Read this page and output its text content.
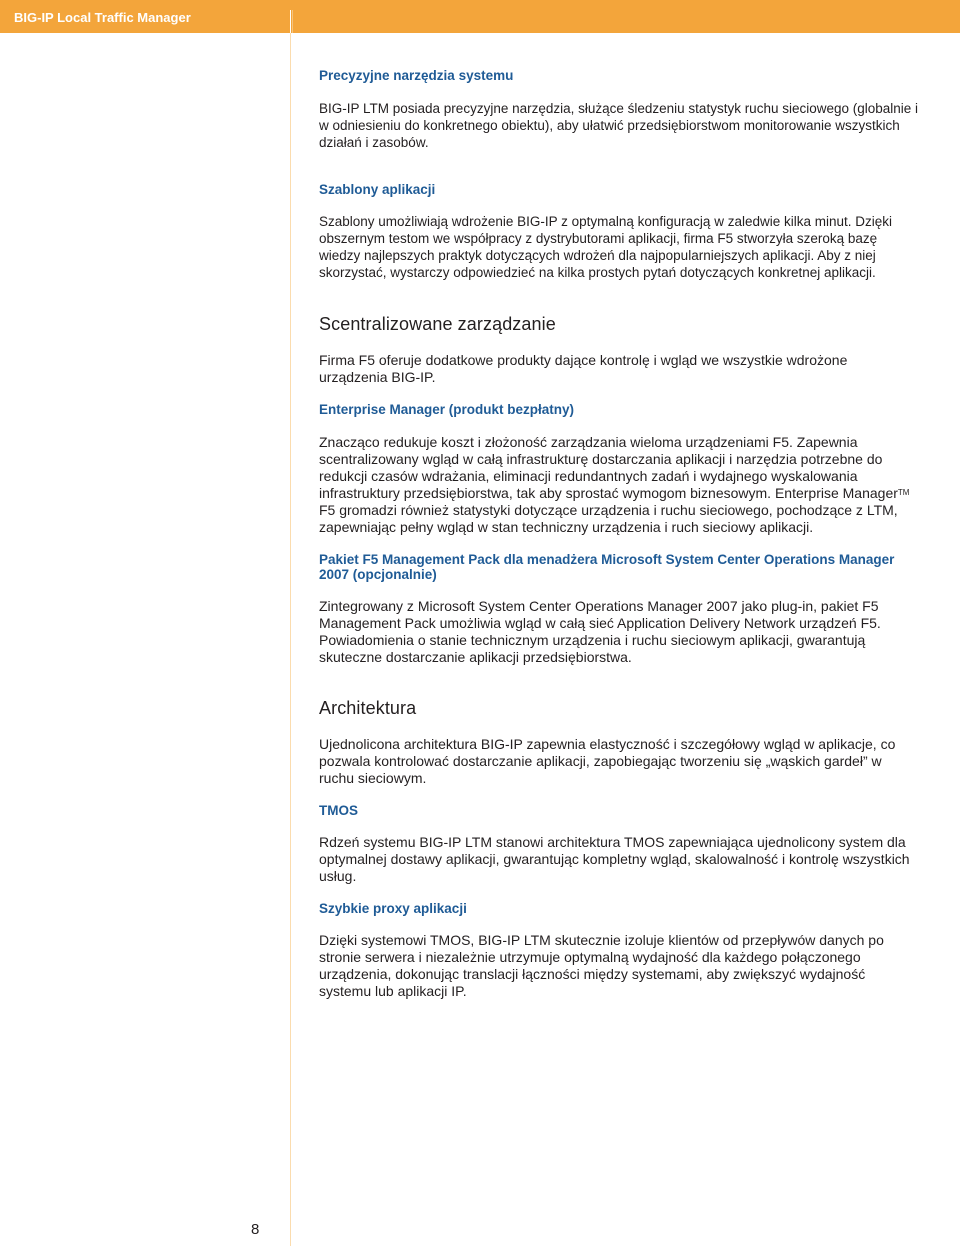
BIG-IP Local Traffic Manager
Precyzyjne narzędzia systemu
BIG-IP LTM posiada precyzyjne narzędzia, służące śledzeniu statystyk ruchu sieciowego (globalnie i w odniesieniu do konkretnego obiektu), aby ułatwić przedsiębiorstwom monitorowanie wszystkich działań i zasobów.
Szablony aplikacji
Szablony umożliwiają wdrożenie BIG-IP z optymalną konfiguracją w zaledwie kilka minut. Dzięki obszernym testom we współpracy z dystrybutorami aplikacji, firma F5 stworzyła szeroką bazę wiedzy najlepszych praktyk dotyczących wdrożeń dla najpopularniejszych aplikacji. Aby z niej skorzystać, wystarczy odpowiedzieć na kilka prostych pytań dotyczących konkretnej aplikacji.
Scentralizowane zarządzanie
Firma F5 oferuje dodatkowe produkty dające kontrolę i wgląd we wszystkie wdrożone urządzenia BIG-IP.
Enterprise Manager (produkt bezpłatny)
Znacząco redukuje koszt i złożoność zarządzania wieloma urządzeniami F5. Zapewnia scentralizowany wgląd w całą infrastrukturę dostarczania aplikacji i narzędzia potrzebne do redukcji czasów wdrażania, eliminacji redundantnych zadań i wydajnego wyskalowania infrastruktury przedsiębiorstwa, tak aby sprostać wymogom biznesowym. Enterprise Manager™ F5 gromadzi również statystyki dotyczące urządzenia i ruchu sieciowego, pochodzące z LTM, zapewniając pełny wgląd w stan techniczny urządzenia i ruch sieciowy aplikacji.
Pakiet F5 Management Pack dla menadżera Microsoft System Center Operations Manager 2007 (opcjonalnie)
Zintegrowany z Microsoft System Center Operations Manager 2007 jako plug-in, pakiet F5 Management Pack umożliwia wgląd w całą sieć Application Delivery Network urządzeń F5. Powiadomienia o stanie technicznym urządzenia i ruchu sieciowym aplikacji, gwarantują skuteczne dostarczanie aplikacji przedsiębiorstwa.
Architektura
Ujednolicona architektura BIG-IP zapewnia elastyczność i szczegółowy wgląd w aplikacje, co pozwala kontrolować dostarczanie aplikacji, zapobiegając tworzeniu się „wąskich gardeł” w ruchu sieciowym.
TMOS
Rdzeń systemu BIG-IP LTM stanowi architektura TMOS zapewniająca ujednolicony system dla optymalnej dostawy aplikacji, gwarantując kompletny wgląd, skalowalność i kontrolę wszystkich usług.
Szybkie proxy aplikacji
Dzięki systemowi TMOS, BIG-IP LTM skutecznie izoluje klientów od przepływów danych po stronie serwera i niezależnie utrzymuje optymalną wydajność dla każdego połączonego urządzenia, dokonując translacji łączności między systemami, aby zwiększyć wydajność systemu lub aplikacji IP.
8
